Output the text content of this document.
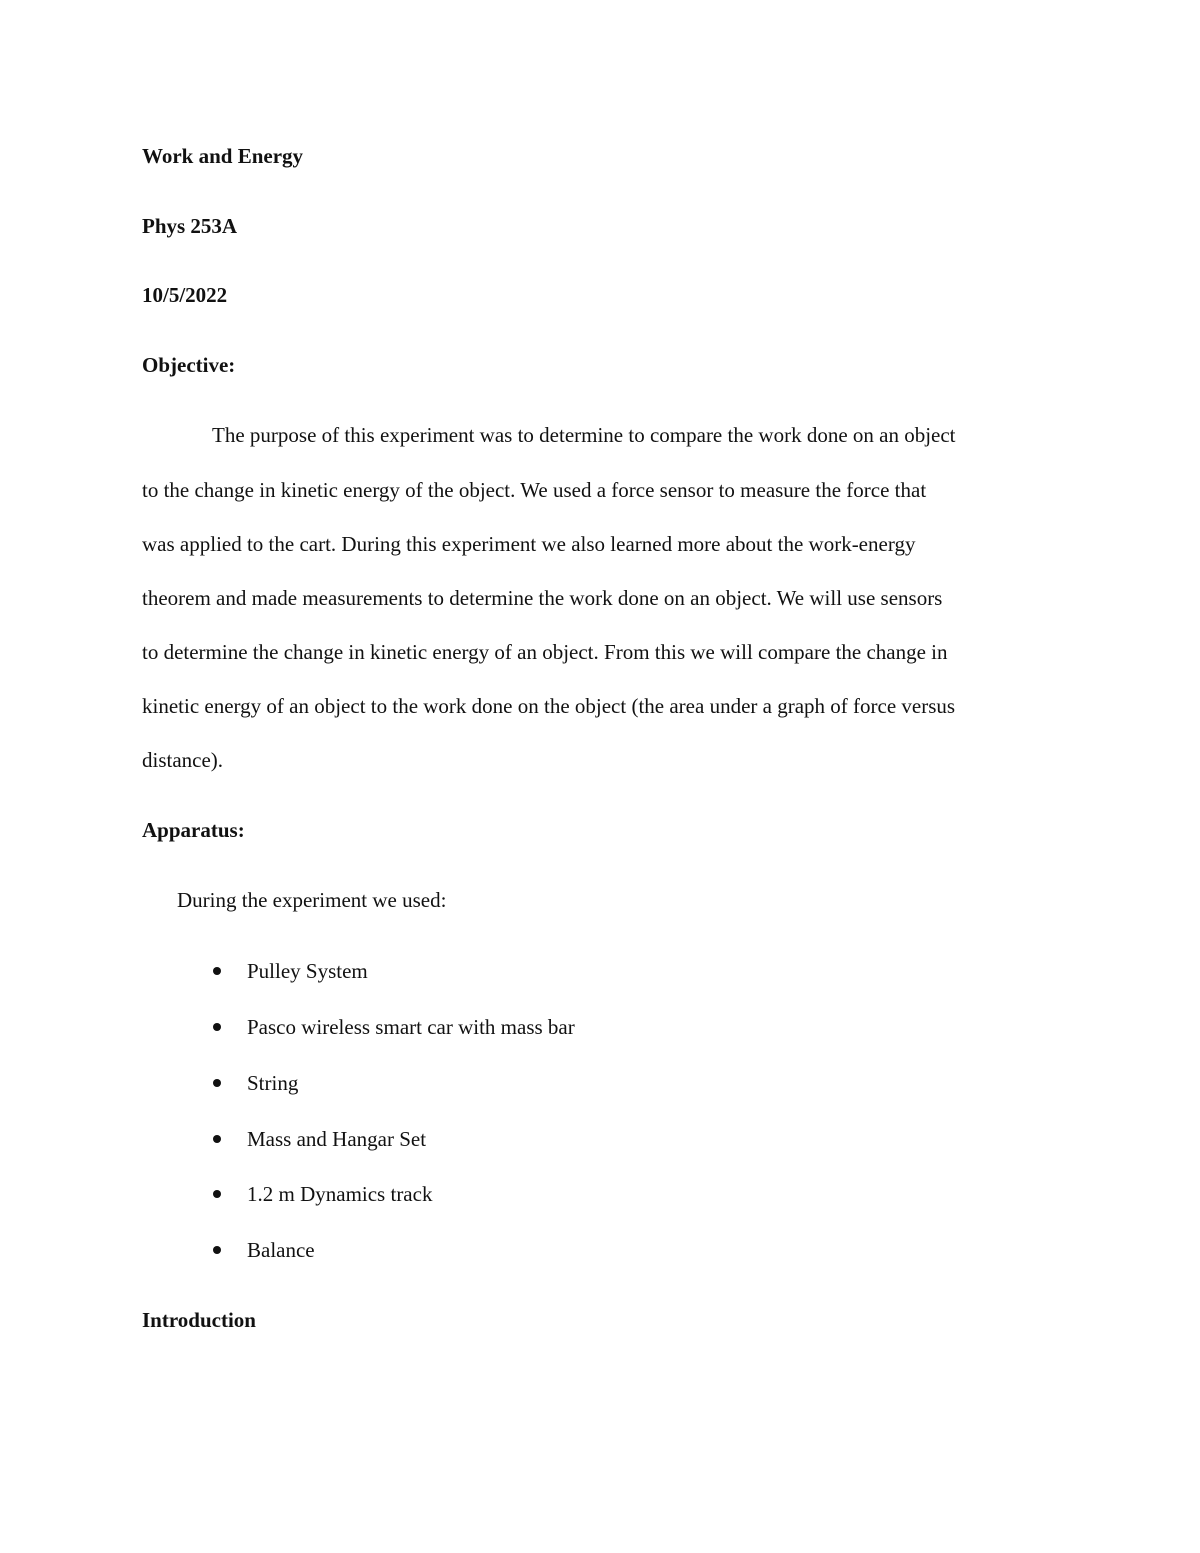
Work and Energy
Phys 253A
10/5/2022
Objective:
The purpose of this experiment was to determine to compare the work done on an object
to the change in kinetic energy of the object. We used a force sensor to measure the force that
was applied to the cart. During this experiment we also learned more about the work-energy
theorem and made measurements to determine the work done on an object. We will use sensors
to determine the change in kinetic energy of an object. From this we will compare the change in
kinetic energy of an object to the work done on the object (the area under a graph of force versus
distance).
Apparatus:
During the experiment we used:
Pulley System
Pasco wireless smart car with mass bar
String
Mass and Hangar Set
1.2 m Dynamics track
Balance
Introduction
